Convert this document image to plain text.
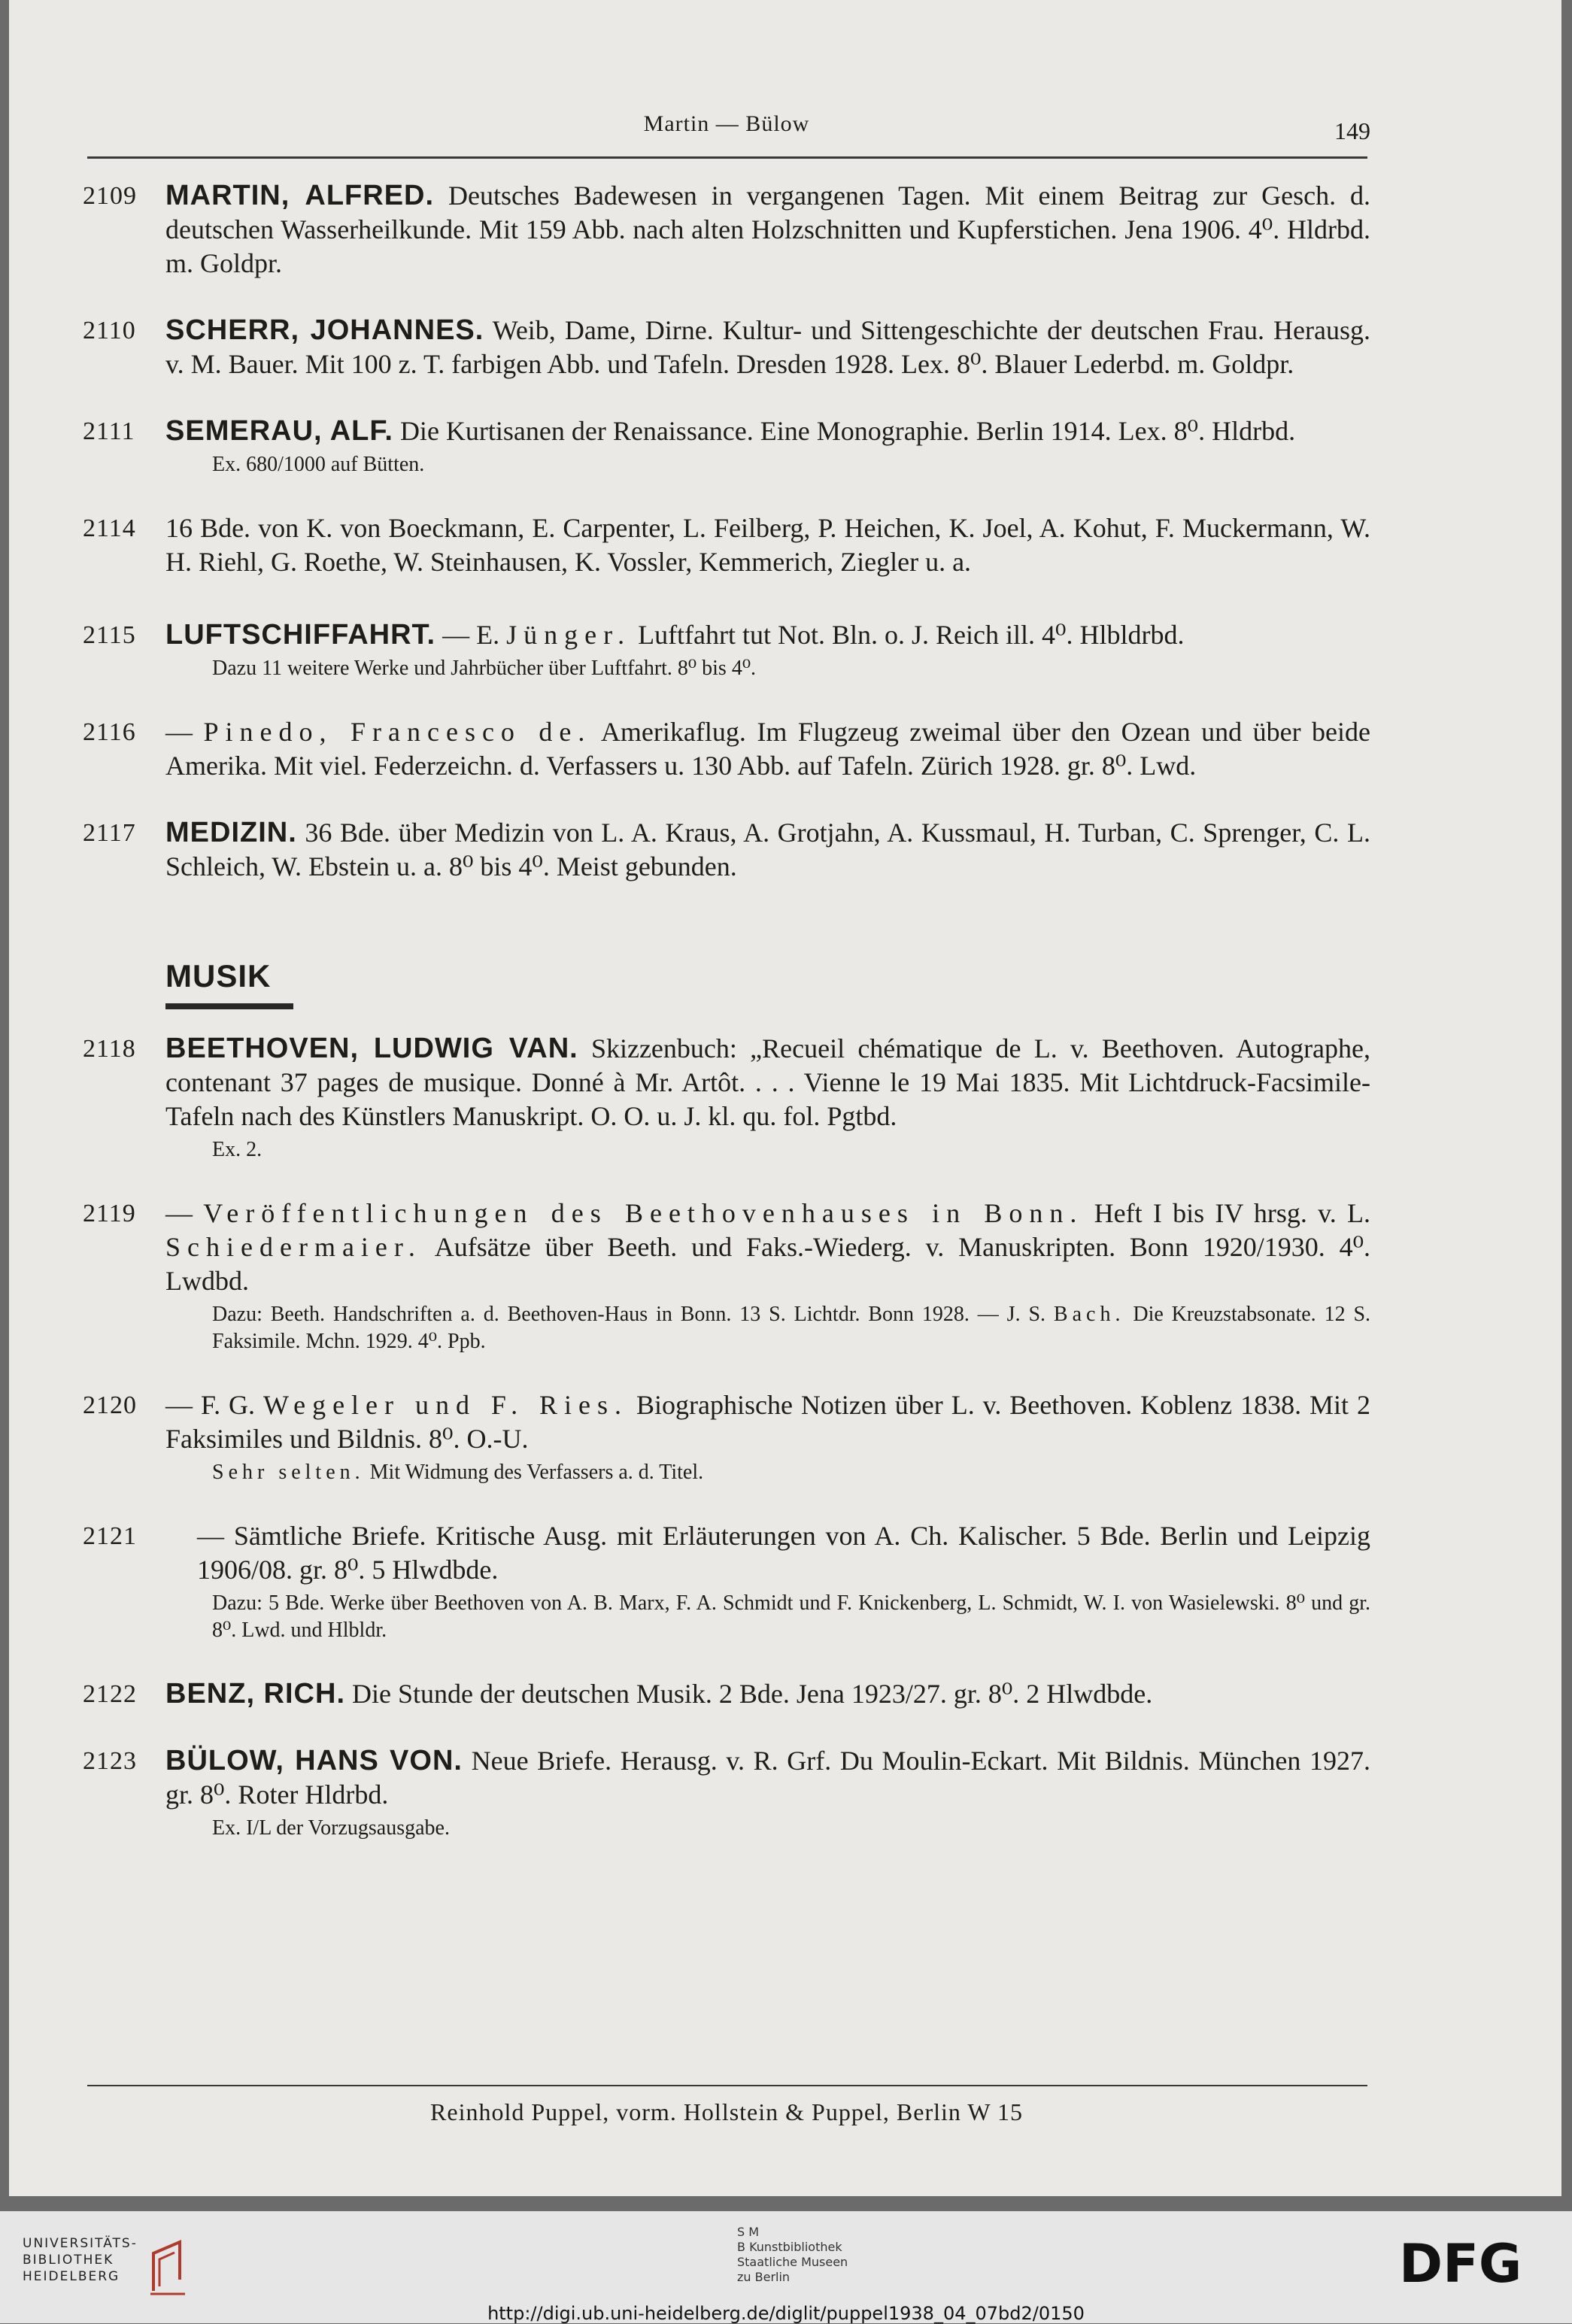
Martin — Bülow	149
2109	MARTIN, ALFRED. Deutsches Badewesen in vergangenen Tagen. Mit einem Beitrag zur Gesch. d. deutschen Wasserheilkunde. Mit 159 Abb. nach alten Holzschnitten und Kupferstichen. Jena 1906. 4⁰. Hldrbd. m. Goldpr.
2110	SCHERR, JOHANNES. Weib, Dame, Dirne. Kultur- und Sittengeschichte der deutschen Frau. Herausg. v. M. Bauer. Mit 100 z. T. farbigen Abb. und Tafeln. Dresden 1928. Lex. 8⁰. Blauer Lederbd. m. Goldpr.
2111	SEMERAU, ALF. Die Kurtisanen der Renaissance. Eine Monographie. Berlin 1914. Lex. 8⁰. Hldrbd.
Ex. 680/1000 auf Bütten.
2114	16 Bde. von K. von Boeckmann, E. Carpenter, L. Feilberg, P. Heichen, K. Joel, A. Kohut, F. Muckermann, W. H. Riehl, G. Roethe, W. Steinhausen, K. Vossler, Kemmerich, Ziegler u. a.
2115	LUFTSCHIFFAHRT. — E. Jünger. Luftfahrt tut Not. Bln. o. J. Reich ill. 4⁰. Hlbldrbd.
Dazu 11 weitere Werke und Jahrbücher über Luftfahrt. 8⁰ bis 4⁰.
2116	— Pinedo, Francesco de. Amerikaflug. Im Flugzeug zweimal über den Ozean und über beide Amerika. Mit viel. Federzeichn. d. Verfassers u. 130 Abb. auf Tafeln. Zürich 1928. gr. 8⁰. Lwd.
2117	MEDIZIN. 36 Bde. über Medizin von L. A. Kraus, A. Grotjahn, A. Kussmaul, H. Turban, C. Sprenger, C. L. Schleich, W. Ebstein u. a. 8⁰ bis 4⁰. Meist gebunden.
MUSIK
2118	BEETHOVEN, LUDWIG VAN. Skizzenbuch: „Recueil chématique de L. v. Beethoven. Autographe, contenant 37 pages de musique. Donné à Mr. Artôt. . . . Vienne le 19 Mai 1835. Mit Lichtdruck-Facsimile-Tafeln nach des Künstlers Manuskript. O. O. u. J. kl. qu. fol. Pgtbd.
Ex. 2.
2119	— Veröffentlichungen des Beethovenhauses in Bonn. Heft I bis IV hrsg. v. L. Schiedermaier. Aufsätze über Beeth. und Faks.-Wiederg. v. Manuskripten. Bonn 1920/1930. 4⁰. Lwdbd.
Dazu: Beeth. Handschriften a. d. Beethoven-Haus in Bonn. 13 S. Lichtdr. Bonn 1928. — J. S. Bach. Die Kreuzstabsonate. 12 S. Faksimile. Mchn. 1929. 4⁰. Ppb.
2120	— F. G. Wegeler und F. Ries. Biographische Notizen über L. v. Beethoven. Koblenz 1838. Mit 2 Faksimiles und Bildnis. 8⁰. O.-U.
Sehr selten. Mit Widmung des Verfassers a. d. Titel.
2121	— Sämtliche Briefe. Kritische Ausg. mit Erläuterungen von A. Ch. Kalischer. 5 Bde. Berlin und Leipzig 1906/08. gr. 8⁰. 5 Hlwdbde.
Dazu: 5 Bde. Werke über Beethoven von A. B. Marx, F. A. Schmidt und F. Knickenberg, L. Schmidt, W. I. von Wasielewski. 8⁰ und gr. 8⁰. Lwd. und Hlbldr.
2122	BENZ, RICH. Die Stunde der deutschen Musik. 2 Bde. Jena 1923/27. gr. 8⁰. 2 Hlwdbde.
2123	BÜLOW, HANS VON. Neue Briefe. Herausg. v. R. Grf. Du Moulin-Eckart. Mit Bildnis. München 1927. gr. 8⁰. Roter Hldrbd.
Ex. I/L der Vorzugsausgabe.
Reinhold Puppel, vorm. Hollstein & Puppel, Berlin W 15
UNIVERSITÄTS-
BIBLIOTHEK
HEIDELBERG
S M
B Kunstbibliothek
Staatliche Museen
zu Berlin	DFG
http://digi.ub.uni-heidelberg.de/diglit/puppel1938_04_07bd2/0150
